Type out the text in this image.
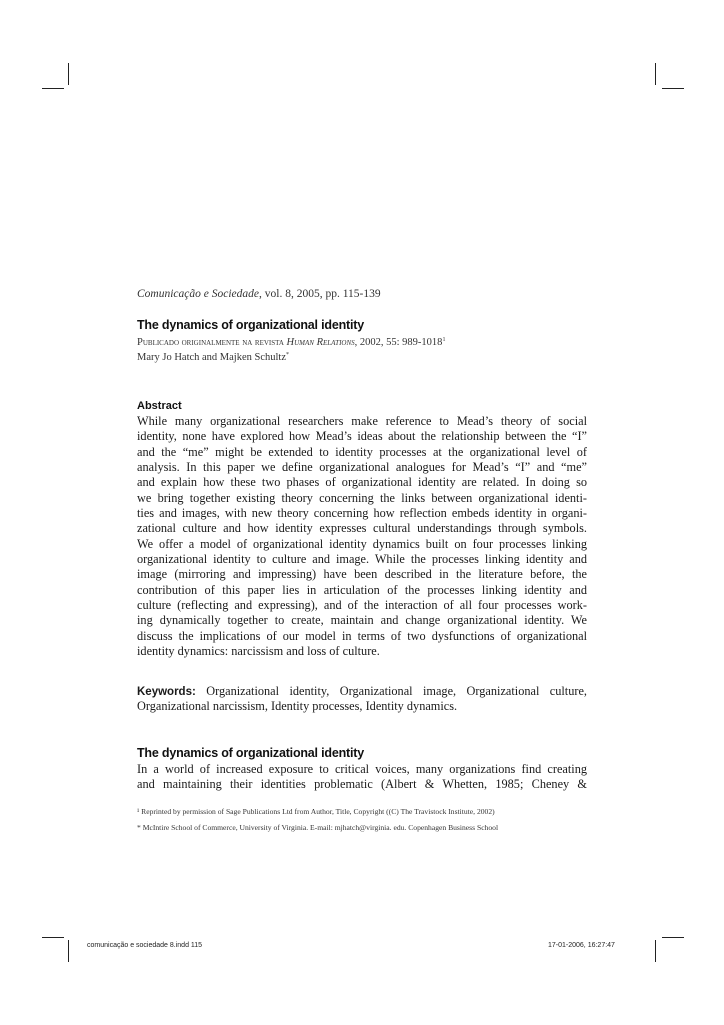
Comunicação e Sociedade, vol. 8, 2005, pp. 115-139
The dynamics of organizational identity
Publicado originalmente na revista Human Relations, 2002, 55: 989-1018$^1$
Mary Jo Hatch and Majken Schultz*
Abstract
While many organizational researchers make reference to Mead’s theory of social
identity, none have explored how Mead’s ideas about the relationship between the “I”
and the “me” might be extended to identity processes at the organizational level of
analysis. In this paper we define organizational analogues for Mead’s “I” and “me”
and explain how these two phases of organizational identity are related. In doing so
we bring together existing theory concerning the links between organizational identi-
ties and images, with new theory concerning how reflection embeds identity in organi-
zational culture and how identity expresses cultural understandings through symbols.
We offer a model of organizational identity dynamics built on four processes linking
organizational identity to culture and image. While the processes linking identity and
image (mirroring and impressing) have been described in the literature before, the
contribution of this paper lies in articulation of the processes linking identity and
culture (reflecting and expressing), and of the interaction of all four processes work-
ing dynamically together to create, maintain and change organizational identity. We
discuss the implications of our model in terms of two dysfunctions of organizational
identity dynamics: narcissism and loss of culture.
Keywords: Organizational identity, Organizational image, Organizational culture,
Organizational narcissism, Identity processes, Identity dynamics.
The dynamics of organizational identity
In a world of increased exposure to critical voices, many organizations find creating
and maintaining their identities problematic (Albert & Whetten, 1985; Cheney &
¹ Reprinted by permission of Sage Publications Ltd from Author, Title, Copyright ((C) The Travistock Institute, 2002)
* McIntire School of Commerce, University of Virginia. E-mail: mjhatch@virginia. edu. Copenhagen Business School
comunicação e sociedade 8.indd 115	17-01-2006, 16:27:47
